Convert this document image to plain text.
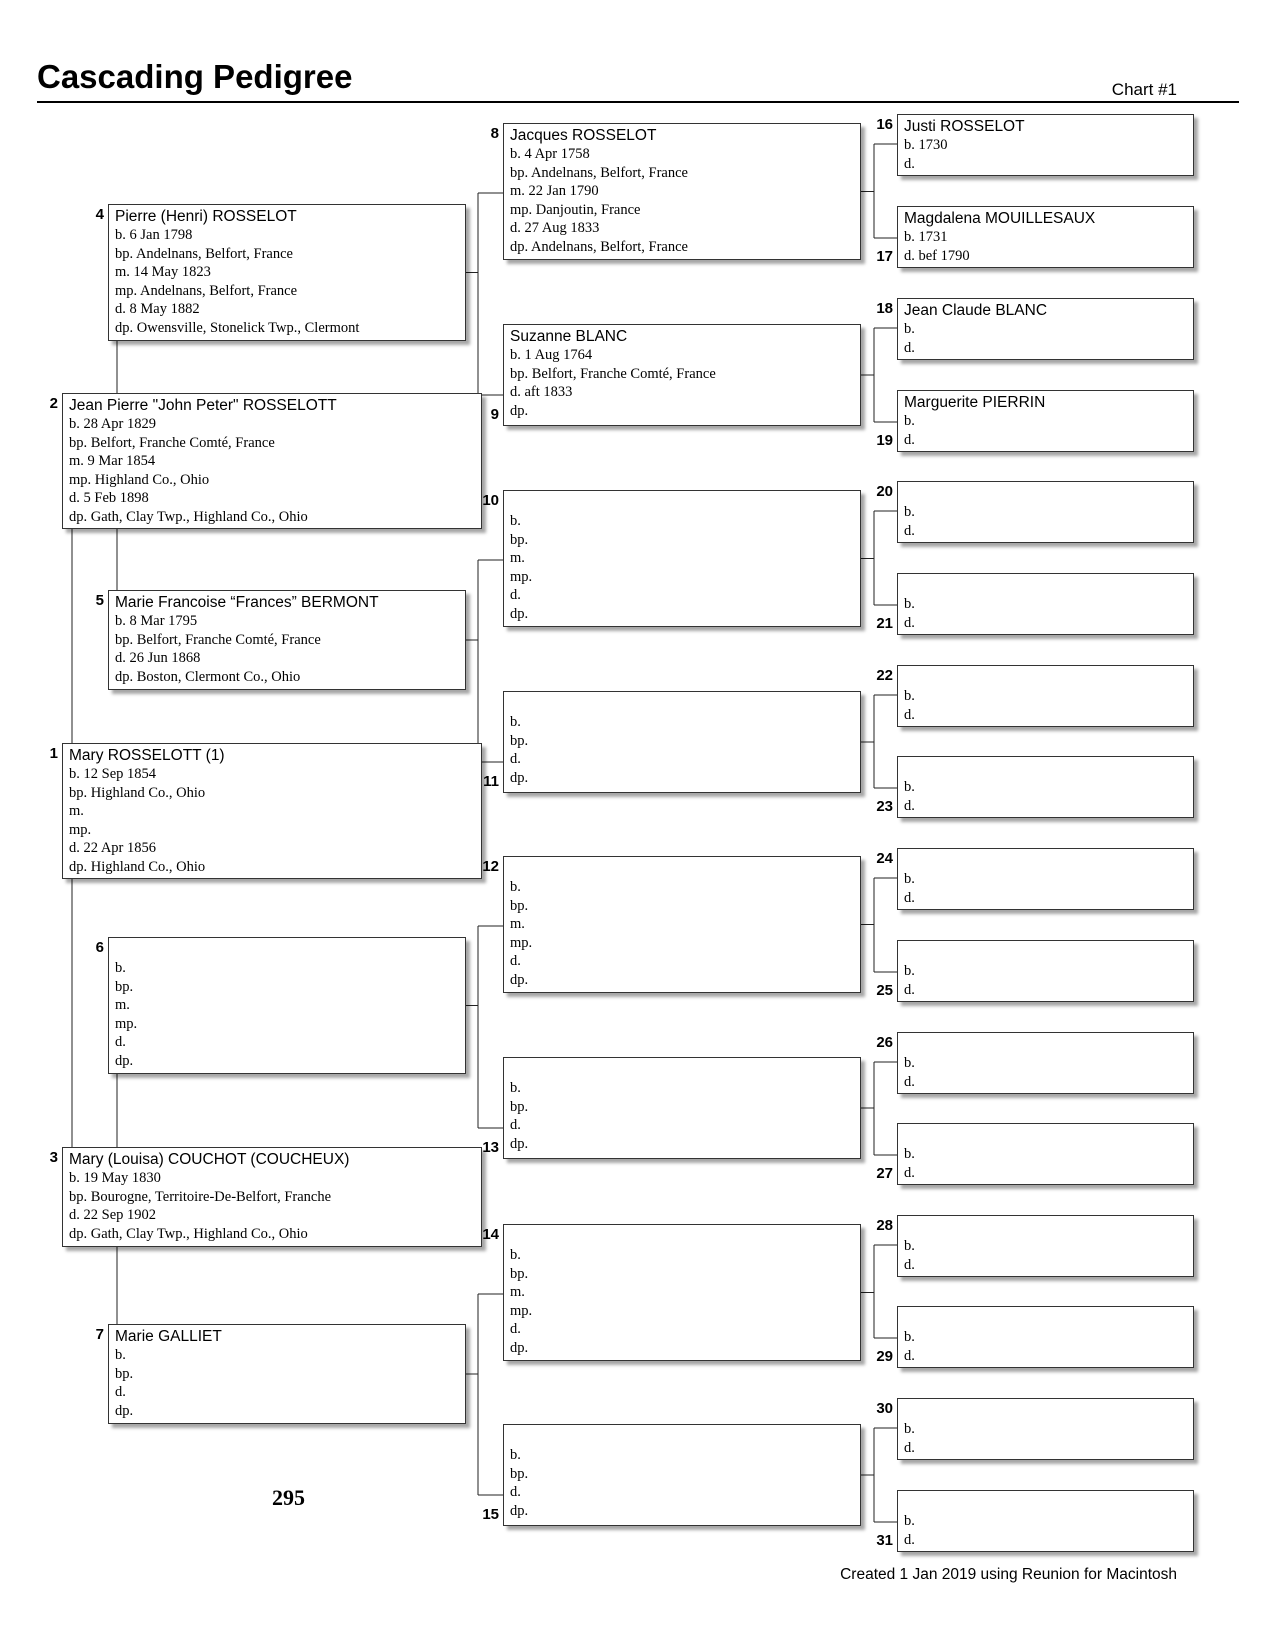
Cascading Pedigree	Chart #1
Mary ROSSELOTT (1)
b. 12 Sep 1854
bp. Highland Co., Ohio
m.
mp.
d. 22 Apr 1856
dp. Highland Co., Ohio
1
Jean Pierre "John Peter" ROSSELOTT
b. 28 Apr 1829
bp. Belfort, Franche Comté, France
m. 9 Mar 1854
mp. Highland Co., Ohio
d. 5 Feb 1898
dp. Gath, Clay Twp., Highland Co., Ohio
2
Mary (Louisa) COUCHOT (COUCHEUX)
b. 19 May 1830
bp. Bourogne, Territoire-De-Belfort, Franche
d. 22 Sep 1902
dp. Gath, Clay Twp., Highland Co., Ohio
3
Pierre (Henri) ROSSELOT
b. 6 Jan 1798
bp. Andelnans, Belfort, France
m. 14 May 1823
mp. Andelnans, Belfort, France
d. 8 May 1882
dp. Owensville, Stonelick Twp., Clermont
4
Marie Francoise “Frances” BERMONT
b. 8 Mar 1795
bp. Belfort, Franche Comté, France
d. 26 Jun 1868
dp. Boston, Clermont Co., Ohio
5

b.
bp.
m.
mp.
d.
dp.
6
Marie GALLIET
b.
bp.
d.
dp.
7
Jacques ROSSELOT
b. 4 Apr 1758
bp. Andelnans, Belfort, France
m. 22 Jan 1790
mp. Danjoutin, France
d. 27 Aug 1833
dp. Andelnans, Belfort, France
8
Suzanne BLANC
b. 1 Aug 1764
bp. Belfort, Franche Comté, France
d. aft 1833
dp.
9

b.
bp.
m.
mp.
d.
dp.
10

b.
bp.
d.
dp.
11

b.
bp.
m.
mp.
d.
dp.
12

b.
bp.
d.
dp.
13

b.
bp.
m.
mp.
d.
dp.
14

b.
bp.
d.
dp.
15
Justi ROSSELOT
b. 1730
d.
16
Magdalena MOUILLESAUX
b. 1731
d. bef 1790
17
Jean Claude BLANC
b.
d.
18
Marguerite PIERRIN
b.
d.
19

b.
d.
20

b.
d.
21

b.
d.
22

b.
d.
23

b.
d.
24

b.
d.
25

b.
d.
26

b.
d.
27

b.
d.
28

b.
d.
29

b.
d.
30

b.
d.
31
295
Created 1 Jan 2019 using Reunion for Macintosh
